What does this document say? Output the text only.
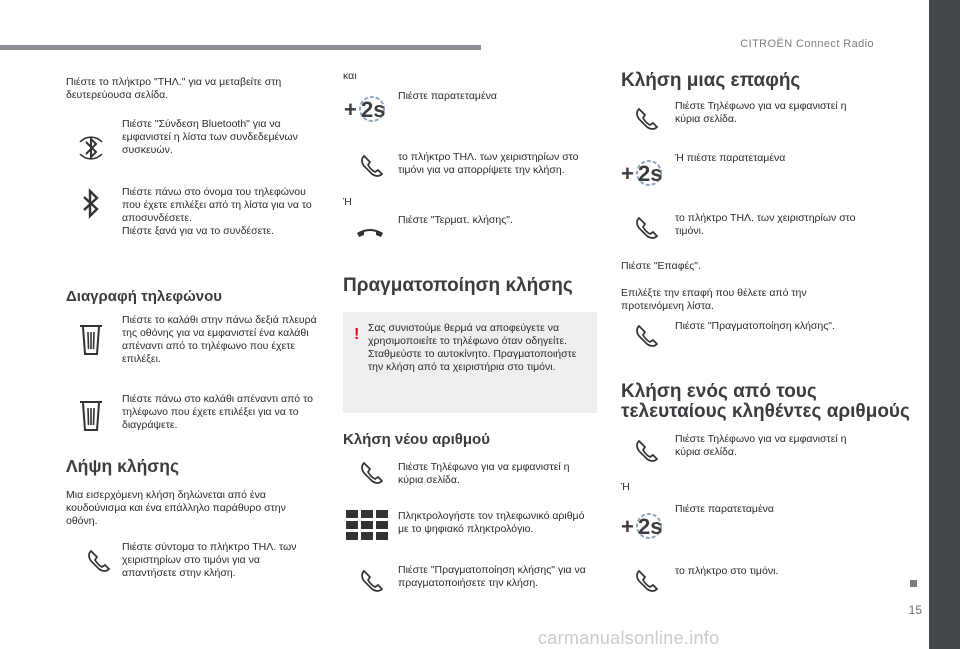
CITROËN Connect Radio
15
carmanualsonline.info
Πιέστε το πλήκτρο "ΤΗΛ." για να μεταβείτε στη δευτερεύουσα σελίδα.
Πιέστε "Σύνδεση Bluetooth" για να εμφανιστεί η λίστα των συνδεδεμένων συσκευών.
Πιέστε πάνω στο όνομα του τηλεφώνου που έχετε επιλέξει από τη λίστα για να το αποσυνδέσετε.
Πιέστε ξανά για να το συνδέσετε.
Διαγραφή τηλεφώνου
Πιέστε το καλάθι στην πάνω δεξιά πλευρά της οθόνης για να εμφανιστεί ένα καλάθι απέναντι από το τηλέφωνο που έχετε επιλέξει.
Πιέστε πάνω στο καλάθι απέναντι από το τηλέφωνο που έχετε επιλέξει για να το διαγράψετε.
Λήψη κλήσης
Μια εισερχόμενη κλήση δηλώνεται από ένα κουδούνισμα και ένα επάλληλο παράθυρο στην οθόνη.
Πιέστε σύντομα το πλήκτρο ΤΗΛ. των χειριστηρίων στο τιμόνι για να απαντήσετε στην κλήση.
και
+ 2s
Πιέστε παρατεταμένα
το πλήκτρο ΤΗΛ. των χειριστηρίων στο τιμόνι για να απορρίψετε την κλήση.
Ή
Πιέστε "Τερματ. κλήσης".
Πραγματοποίηση κλήσης
! Σας συνιστούμε θερμά να αποφεύγετε να χρησιμοποιείτε το τηλέφωνο όταν οδηγείτε. Σταθμεύστε το αυτοκίνητο. Πραγματοποιήστε την κλήση από τα χειριστήρια στο τιμόνι.
Κλήση νέου αριθμού
Πιέστε Τηλέφωνο για να εμφανιστεί η κύρια σελίδα.
Πληκτρολογήστε τον τηλεφωνικό αριθμό με το ψηφιακό πληκτρολόγιο.
Πιέστε "Πραγματοποίηση κλήσης" για να πραγματοποιήσετε την κλήση.
Κλήση μιας επαφής
Πιέστε Τηλέφωνο για να εμφανιστεί η κύρια σελίδα.
+ 2s
Ή πιέστε παρατεταμένα
το πλήκτρο ΤΗΛ. των χειριστηρίων στο τιμόνι.
Πιέστε "Επαφές".
Επιλέξτε την επαφή που θέλετε από την προτεινόμενη λίστα.
Πιέστε "Πραγματοποίηση κλήσης".
Κλήση ενός από τους
τελευταίους κληθέντες αριθμούς
Πιέστε Τηλέφωνο για να εμφανιστεί η κύρια σελίδα.
Ή
+ 2s
Πιέστε παρατεταμένα
το πλήκτρο στο τιμόνι.
